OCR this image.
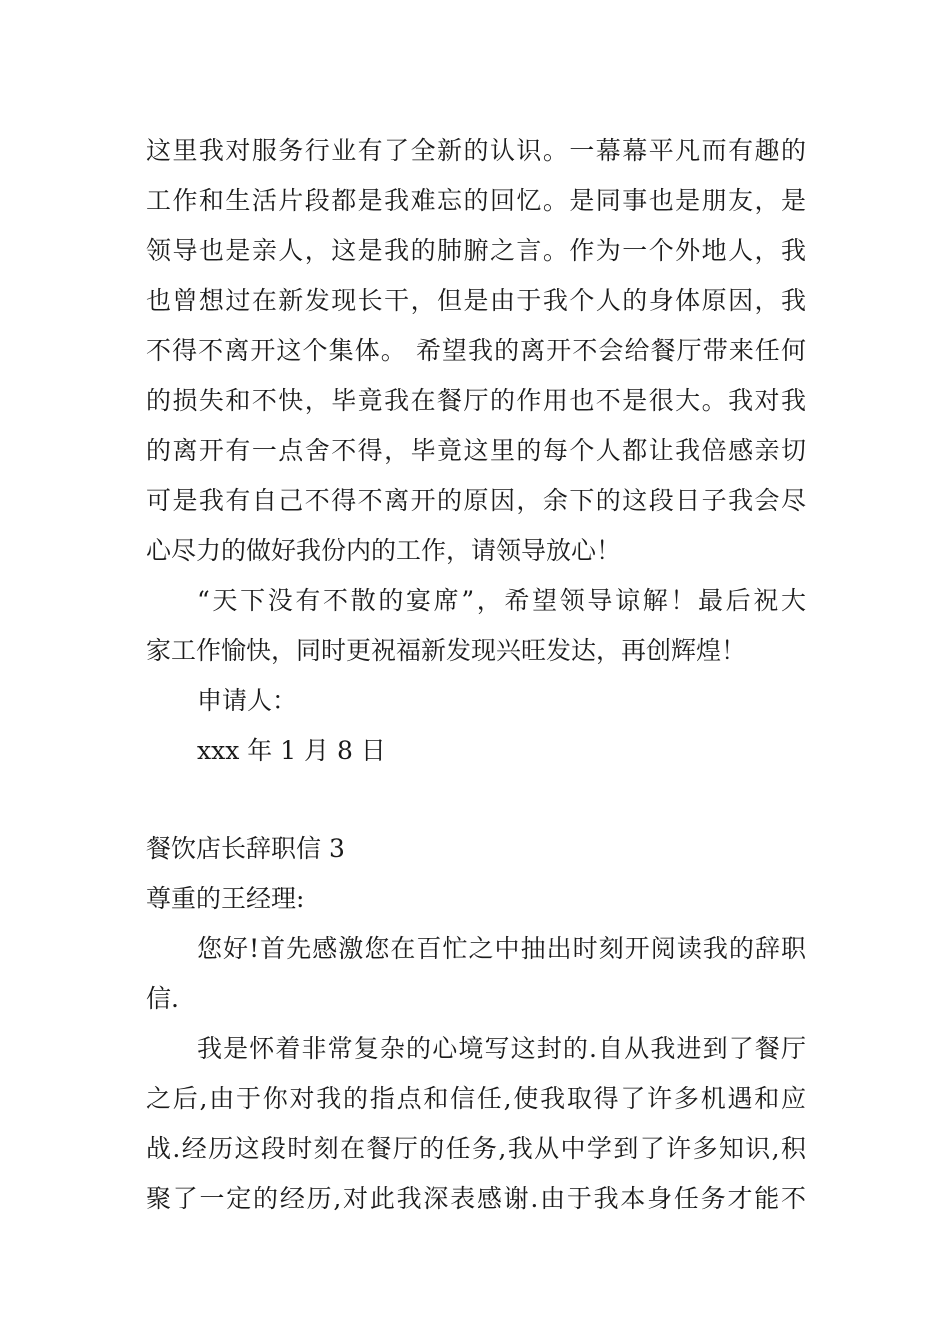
这里我对服务行业有了全新的认识。一幕幕平凡而有趣的
工作和生活片段都是我难忘的回忆。是同事也是朋友，是
领导也是亲人，这是我的肺腑之言。作为一个外地人，我
也曾想过在新发现长干，但是由于我个人的身体原因，我
不得不离开这个集体。 希望我的离开不会给餐厅带来任何
的损失和不快，毕竟我在餐厅的作用也不是很大。我对我
的离开有一点舍不得，毕竟这里的每个人都让我倍感亲切
可是我有自己不得不离开的原因，余下的这段日子我会尽
心尽力的做好我份内的工作，请领导放心！
“天下没有不散的宴席”，希望领导谅解！最后祝大
家工作愉快，同时更祝福新发现兴旺发达，再创辉煌！
申请人：
xxx 年 1 月 8 日
餐饮店长辞职信 3
尊重的王经理:
您好!首先感激您在百忙之中抽出时刻开阅读我的辞职
信.
我是怀着非常复杂的心境写这封的.自从我进到了餐厅
之后,由于你对我的指点和信任,使我取得了许多机遇和应
战.经历这段时刻在餐厅的任务,我从中学到了许多知识,积
聚了一定的经历,对此我深表感谢.由于我本身任务才能不
